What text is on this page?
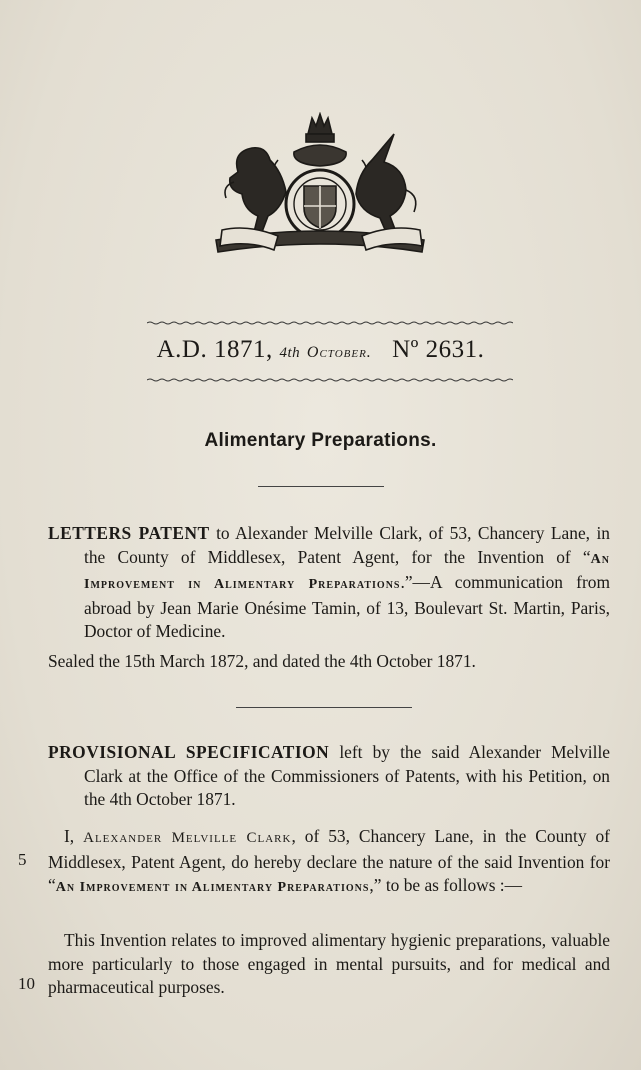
A.D. 1871, 4th October. Nº 2631.
Alimentary Preparations.

LETTERS PATENT to Alexander Melville Clark, of 53, Chancery Lane, in the County of Middlesex, Patent Agent, for the Invention of “An Improvement in Alimentary Preparations.”—A communication from abroad by Jean Marie Onésime Tamin, of 13, Boulevart St. Martin, Paris, Doctor of Medicine.

Sealed the 15th March 1872, and dated the 4th October 1871.

PROVISIONAL SPECIFICATION left by the said Alexander Melville Clark at the Office of the Commissioners of Patents, with his Petition, on the 4th October 1871.

I, Alexander Melville Clark, of 53, Chancery Lane, in the County of Middlesex, Patent Agent, do hereby declare the nature of the said Invention for “An Improvement in Alimentary Preparations,” to be as follows :—

This Invention relates to improved alimentary hygienic preparations, valuable more particularly to those engaged in mental pursuits, and for medical and pharmaceutical purposes.

5
10
